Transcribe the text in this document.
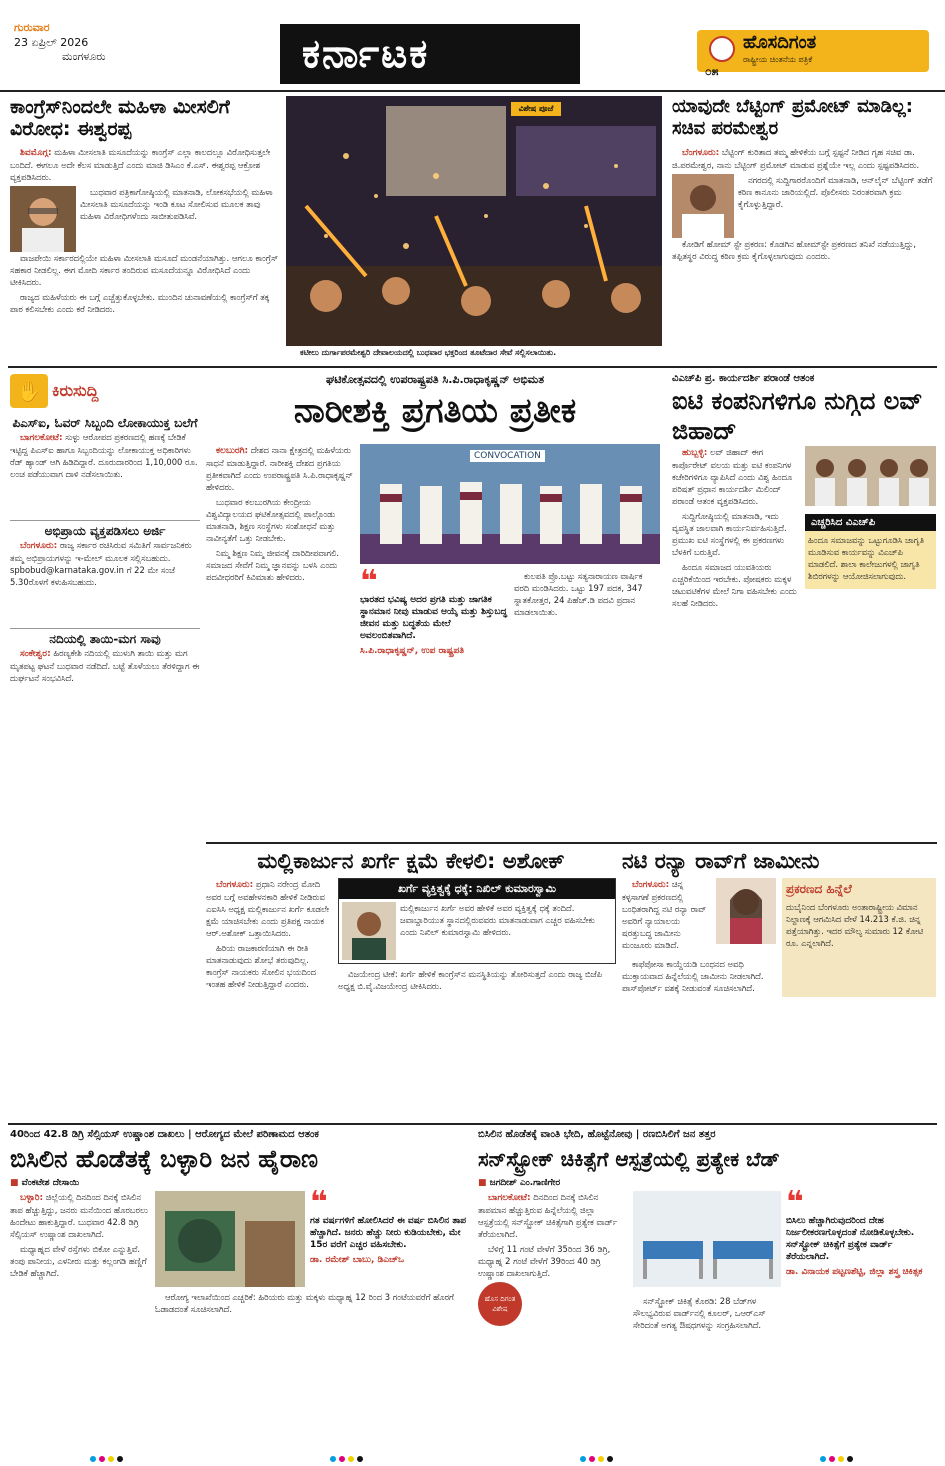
ಗುರುವಾರ
23 ಏಪ್ರಿಲ್ 2026
ಮಂಗಳೂರು	ಕರ್ನಾಟಕ	ಹೊಸದಿಗಂತ
ರಾಷ್ಟ್ರೀಯ ಚಿಂತನೆಯ ಪತ್ರಿಕೆ
೦೫
ಕಾಂಗ್ರೆಸ್‌ನಿಂದಲೇ ಮಹಿಳಾ ಮೀಸಲಿಗೆ ವಿರೋಧ: ಈಶ್ವರಪ್ಪ

ಶಿವಮೊಗ್ಗ: ಮಹಿಳಾ ಮೀಸಲಾತಿ ಮಸೂದೆಯನ್ನು ಕಾಂಗ್ರೆಸ್ ಎಲ್ಲಾ ಕಾಲದಲ್ಲೂ ವಿರೋಧಿಸುತ್ತಲೇ ಬಂದಿದೆ. ಈಗಲೂ ಅದೇ ಕೆಲಸ ಮಾಡುತ್ತಿದೆ ಎಂದು ಮಾಜಿ ಡಿಸಿಎಂ ಕೆ.ಎಸ್. ಈಶ್ವರಪ್ಪ ಆಕ್ರೋಶ ವ್ಯಕ್ತಪಡಿಸಿದರು.

ಬುಧವಾರ ಪತ್ರಿಕಾಗೋಷ್ಠಿಯಲ್ಲಿ ಮಾತನಾಡಿ, ಲೋಕಸಭೆಯಲ್ಲಿ ಮಹಿಳಾ ಮೀಸಲಾತಿ ಮಸೂದೆಯನ್ನು ಇಂಡಿ ಕೂಟ ಸೋಲಿಸುವ ಮೂಲಕ ತಾವು ಮಹಿಳಾ ವಿರೋಧಿಗಳೆಂದು ಸಾಬೀತುಪಡಿಸಿವೆ.

ವಾಜಪೇಯಿ ಸರ್ಕಾರದಲ್ಲಿಯೇ ಮಹಿಳಾ ಮೀಸಲಾತಿ ಮಸೂದೆ ಮಂಡನೆಯಾಗಿತ್ತು. ಆಗಲೂ ಕಾಂಗ್ರೆಸ್ ಸಹಕಾರ ನೀಡಲಿಲ್ಲ. ಈಗ ಮೋದಿ ಸರ್ಕಾರ ತಂದಿರುವ ಮಸೂದೆಯನ್ನೂ ವಿರೋಧಿಸಿದೆ ಎಂದು ಟೀಕಿಸಿದರು.

ರಾಜ್ಯದ ಮಹಿಳೆಯರು ಈ ಬಗ್ಗೆ ಎಚ್ಚೆತ್ತುಕೊಳ್ಳಬೇಕು. ಮುಂದಿನ ಚುನಾವಣೆಯಲ್ಲಿ ಕಾಂಗ್ರೆಸ್‌ಗೆ ತಕ್ಕ ಪಾಠ ಕಲಿಸಬೇಕು ಎಂದು ಕರೆ ನೀಡಿದರು.

ವಿಶೇಷ ಪೂಜೆ
ಕಟೀಲು ದುರ್ಗಾಪರಮೇಶ್ವರಿ ದೇವಾಲಯದಲ್ಲಿ ಬುಧವಾರ ಭಕ್ತರಿಂದ ತೂಟೆದಾರ ಸೇವೆ ಸಲ್ಲಿಸಲಾಯಿತು.
ಯಾವುದೇ ಬೆಟ್ಟಿಂಗ್ ಪ್ರಮೋಟ್ ಮಾಡಿಲ್ಲ: ಸಚಿವ ಪರಮೇಶ್ವರ

ಬೆಂಗಳೂರು: ಬೆಟ್ಟಿಂಗ್ ಕುರಿತಾದ ತಮ್ಮ ಹೇಳಿಕೆಯ ಬಗ್ಗೆ ಸ್ಪಷ್ಟನೆ ನೀಡಿದ ಗೃಹ ಸಚಿವ ಡಾ. ಜಿ.ಪರಮೇಶ್ವರ, ನಾನು ಬೆಟ್ಟಿಂಗ್ ಪ್ರಮೋಟ್ ಮಾಡುವ ಪ್ರಶ್ನೆಯೇ ಇಲ್ಲ ಎಂದು ಸ್ಪಷ್ಟಪಡಿಸಿದರು.

ನಗರದಲ್ಲಿ ಸುದ್ದಿಗಾರರೊಂದಿಗೆ ಮಾತನಾಡಿ, ಆನ್‌ಲೈನ್ ಬೆಟ್ಟಿಂಗ್ ತಡೆಗೆ ಕಠಿಣ ಕಾನೂನು ಜಾರಿಯಲ್ಲಿದೆ. ಪೊಲೀಸರು ನಿರಂತರವಾಗಿ ಕ್ರಮ ಕೈಗೊಳ್ಳುತ್ತಿದ್ದಾರೆ.

ಕೋಡಿಗೆ ಹೋಮ್ ಸ್ಟೇ ಪ್ರಕರಣ: ಕೊಡಗಿನ ಹೋಮ್‌ಸ್ಟೇ ಪ್ರಕರಣದ ತನಿಖೆ ನಡೆಯುತ್ತಿದ್ದು, ತಪ್ಪಿತಸ್ಥರ ವಿರುದ್ಧ ಕಠಿಣ ಕ್ರಮ ಕೈಗೊಳ್ಳಲಾಗುವುದು ಎಂದರು.

✋ ಕಿರುಸುದ್ದಿ
ಪಿಎಸ್‌ಐ, ಓವರ್ ಸಿಬ್ಬಂದಿ ಲೋಕಾಯುಕ್ತ ಬಲೆಗೆ

ಬಾಗಲಕೋಟೆ: ಸುಳ್ಳು ಆರೋಪದ ಪ್ರಕರಣದಲ್ಲಿ ಹಣಕ್ಕೆ ಬೇಡಿಕೆ ಇಟ್ಟಿದ್ದ ಪಿಎಸ್‌ಐ ಹಾಗೂ ಸಿಬ್ಬಂದಿಯನ್ನು ಲೋಕಾಯುಕ್ತ ಅಧಿಕಾರಿಗಳು ರೆಡ್ ಹ್ಯಾಂಡ್ ಆಗಿ ಹಿಡಿದಿದ್ದಾರೆ. ದೂರುದಾರರಿಂದ 1,10,000 ರೂ. ಲಂಚ ಪಡೆಯುವಾಗ ದಾಳಿ ನಡೆಸಲಾಯಿತು.

ಅಭಿಪ್ರಾಯ ವ್ಯಕ್ತಪಡಿಸಲು ಅರ್ಜಿ

ಬೆಂಗಳೂರು: ರಾಜ್ಯ ಸರ್ಕಾರ ರಚಿಸಿರುವ ಸಮಿತಿಗೆ ಸಾರ್ವಜನಿಕರು ತಮ್ಮ ಅಭಿಪ್ರಾಯಗಳನ್ನು ಇ-ಮೇಲ್ ಮೂಲಕ ಸಲ್ಲಿಸಬಹುದು. spbobud@karnataka.gov.in ಗೆ 22 ಮೇ ಸಂಜೆ 5.30ರೊಳಗೆ ಕಳುಹಿಸಬಹುದು.

ನದಿಯಲ್ಲಿ ತಾಯಿ-ಮಗ ಸಾವು

ಸಂಕೇಶ್ವರ: ಹಿರಣ್ಯಕೇಶಿ ನದಿಯಲ್ಲಿ ಮುಳುಗಿ ತಾಯಿ ಮತ್ತು ಮಗ ಮೃತಪಟ್ಟ ಘಟನೆ ಬುಧವಾರ ನಡೆದಿದೆ. ಬಟ್ಟೆ ತೊಳೆಯಲು ತೆರಳಿದ್ದಾಗ ಈ ದುರ್ಘಟನೆ ಸಂಭವಿಸಿದೆ.

ಘಟಿಕೋತ್ಸವದಲ್ಲಿ ಉಪರಾಷ್ಟ್ರಪತಿ ಸಿ.ಪಿ.ರಾಧಾಕೃಷ್ಣನ್ ಅಭಿಮತ
ನಾರೀಶಕ್ತಿ ಪ್ರಗತಿಯ ಪ್ರತೀಕ

ಕಲಬುರಗಿ: ದೇಶದ ನಾನಾ ಕ್ಷೇತ್ರದಲ್ಲಿ ಮಹಿಳೆಯರು ಸಾಧನೆ ಮಾಡುತ್ತಿದ್ದಾರೆ. ನಾರೀಶಕ್ತಿ ದೇಶದ ಪ್ರಗತಿಯ ಪ್ರತೀಕವಾಗಿದೆ ಎಂದು ಉಪರಾಷ್ಟ್ರಪತಿ ಸಿ.ಪಿ.ರಾಧಾಕೃಷ್ಣನ್ ಹೇಳಿದರು.

ಬುಧವಾರ ಕಲಬುರಗಿಯ ಕೇಂದ್ರೀಯ ವಿಶ್ವವಿದ್ಯಾಲಯದ ಘಟಿಕೋತ್ಸವದಲ್ಲಿ ಪಾಲ್ಗೊಂಡು ಮಾತನಾಡಿ, ಶಿಕ್ಷಣ ಸಂಸ್ಥೆಗಳು ಸಂಶೋಧನೆ ಮತ್ತು ನಾವೀನ್ಯತೆಗೆ ಒತ್ತು ನೀಡಬೇಕು.

ನಿಮ್ಮ ಶಿಕ್ಷಣ ನಿಮ್ಮ ಜೀವನಕ್ಕೆ ದಾರಿದೀಪವಾಗಲಿ. ಸಮಾಜದ ಸೇವೆಗೆ ನಿಮ್ಮ ಜ್ಞಾನವನ್ನು ಬಳಸಿ ಎಂದು ಪದವೀಧರರಿಗೆ ಕಿವಿಮಾತು ಹೇಳಿದರು.

CONVOCATION
❝
ಭಾರತದ ಭವಿಷ್ಯ ಅದರ ಪ್ರಗತಿ ಮತ್ತು ಜಾಗತಿಕ ಸ್ಥಾನಮಾನ ನೀವು ಮಾಡುವ ಆಯ್ಕೆ ಮತ್ತು ಶಿಸ್ತುಬದ್ಧ ಜೀವನ ಮತ್ತು ಬದ್ಧತೆಯ ಮೇಲೆ ಅವಲಂಬಿತವಾಗಿದೆ.
ಸಿ.ಪಿ.ರಾಧಾಕೃಷ್ಣನ್, ಉಪ ರಾಷ್ಟ್ರಪತಿ

ಕುಲಪತಿ ಪ್ರೊ.ಬಟ್ಟು ಸತ್ಯನಾರಾಯಣ ವಾರ್ಷಿಕ ವರದಿ ಮಂಡಿಸಿದರು. ಒಟ್ಟು 197 ಪದಕ, 347 ಸ್ನಾತಕೋತ್ತರ, 24 ಪಿಹೆಚ್.ಡಿ ಪದವಿ ಪ್ರದಾನ ಮಾಡಲಾಯಿತು.

ವಿಎಚ್‌ಪಿ ಪ್ರ. ಕಾರ್ಯದರ್ಶಿ ಪರಾಂಡೆ ಆತಂಕ
ಐಟಿ ಕಂಪನಿಗಳಿಗೂ ನುಗ್ಗಿದ ಲವ್ ಜಿಹಾದ್

ಹುಬ್ಬಳ್ಳಿ: ಲವ್ ಜಿಹಾದ್ ಈಗ ಕಾರ್ಪೊರೇಟ್ ವಲಯ ಮತ್ತು ಐಟಿ ಕಂಪನಿಗಳ ಕಚೇರಿಗಳಿಗೂ ವ್ಯಾಪಿಸಿದೆ ಎಂದು ವಿಶ್ವ ಹಿಂದೂ ಪರಿಷತ್ ಪ್ರಧಾನ ಕಾರ್ಯದರ್ಶಿ ಮಿಲಿಂದ್ ಪರಾಂಡೆ ಆತಂಕ ವ್ಯಕ್ತಪಡಿಸಿದರು.

ಸುದ್ದಿಗೋಷ್ಠಿಯಲ್ಲಿ ಮಾತನಾಡಿ, ಇದು ವ್ಯವಸ್ಥಿತ ಜಾಲವಾಗಿ ಕಾರ್ಯನಿರ್ವಹಿಸುತ್ತಿದೆ. ಪ್ರಮುಖ ಐಟಿ ಸಂಸ್ಥೆಗಳಲ್ಲಿ ಈ ಪ್ರಕರಣಗಳು ಬೆಳಕಿಗೆ ಬರುತ್ತಿವೆ.

ಹಿಂದೂ ಸಮಾಜದ ಯುವತಿಯರು ಎಚ್ಚರಿಕೆಯಿಂದ ಇರಬೇಕು. ಪೋಷಕರು ಮಕ್ಕಳ ಚಟುವಟಿಕೆಗಳ ಮೇಲೆ ನಿಗಾ ವಹಿಸಬೇಕು ಎಂದು ಸಲಹೆ ನೀಡಿದರು.

ಎಚ್ಚರಿಸಿದ ವಿಎಚ್‌ಪಿ
ಹಿಂದೂ ಸಮಾಜವನ್ನು ಒಟ್ಟುಗೂಡಿಸಿ ಜಾಗೃತಿ ಮೂಡಿಸುವ ಕಾರ್ಯವನ್ನು ವಿಎಚ್‌ಪಿ ಮಾಡಲಿದೆ. ಶಾಲಾ ಕಾಲೇಜುಗಳಲ್ಲಿ ಜಾಗೃತಿ ಶಿಬಿರಗಳನ್ನು ಆಯೋಜಿಸಲಾಗುವುದು.
ಮಲ್ಲಿಕಾರ್ಜುನ ಖರ್ಗೆ ಕ್ಷಮೆ ಕೇಳಲಿ: ಅಶೋಕ್

ಬೆಂಗಳೂರು: ಪ್ರಧಾನಿ ನರೇಂದ್ರ ಮೋದಿ ಅವರ ಬಗ್ಗೆ ಅವಹೇಳನಕಾರಿ ಹೇಳಿಕೆ ನೀಡಿರುವ ಎಐಸಿಸಿ ಅಧ್ಯಕ್ಷ ಮಲ್ಲಿಕಾರ್ಜುನ ಖರ್ಗೆ ಕೂಡಲೇ ಕ್ಷಮೆ ಯಾಚಿಸಬೇಕು ಎಂದು ಪ್ರತಿಪಕ್ಷ ನಾಯಕ ಆರ್.ಅಶೋಕ್ ಒತ್ತಾಯಿಸಿದರು.

ಹಿರಿಯ ರಾಜಕಾರಣಿಯಾಗಿ ಈ ರೀತಿ ಮಾತನಾಡುವುದು ಶೋಭೆ ತರುವುದಿಲ್ಲ. ಕಾಂಗ್ರೆಸ್ ನಾಯಕರು ಸೋಲಿನ ಭಯದಿಂದ ಇಂತಹ ಹೇಳಿಕೆ ನೀಡುತ್ತಿದ್ದಾರೆ ಎಂದರು.

ಖರ್ಗೆ ವ್ಯಕ್ತಿತ್ವಕ್ಕೆ ಧಕ್ಕೆ: ನಿಖಿಲ್ ಕುಮಾರಸ್ವಾಮಿ
ಮಲ್ಲಿಕಾರ್ಜುನ ಖರ್ಗೆ ಅವರ ಹೇಳಿಕೆ ಅವರ ವ್ಯಕ್ತಿತ್ವಕ್ಕೆ ಧಕ್ಕೆ ತಂದಿದೆ. ಜವಾಬ್ದಾರಿಯುತ ಸ್ಥಾನದಲ್ಲಿರುವವರು ಮಾತನಾಡುವಾಗ ಎಚ್ಚರ ವಹಿಸಬೇಕು ಎಂದು ನಿಖಿಲ್ ಕುಮಾರಸ್ವಾಮಿ ಹೇಳಿದರು.

ವಿಜಯೇಂದ್ರ ಟೀಕೆ: ಖರ್ಗೆ ಹೇಳಿಕೆ ಕಾಂಗ್ರೆಸ್‌ನ ಮನಸ್ಥಿತಿಯನ್ನು ತೋರಿಸುತ್ತದೆ ಎಂದು ರಾಜ್ಯ ಬಿಜೆಪಿ ಅಧ್ಯಕ್ಷ ಬಿ.ವೈ.ವಿಜಯೇಂದ್ರ ಟೀಕಿಸಿದರು.

ನಟಿ ರನ್ಯಾ ರಾವ್‌ಗೆ ಜಾಮೀನು

ಬೆಂಗಳೂರು: ಚಿನ್ನ ಕಳ್ಳಸಾಗಣೆ ಪ್ರಕರಣದಲ್ಲಿ ಬಂಧಿತರಾಗಿದ್ದ ನಟಿ ರನ್ಯಾ ರಾವ್ ಅವರಿಗೆ ನ್ಯಾಯಾಲಯ ಷರತ್ತುಬದ್ಧ ಜಾಮೀನು ಮಂಜೂರು ಮಾಡಿದೆ.

ಕಾಫೆಪೋಸಾ ಕಾಯ್ದೆಯಡಿ ಬಂಧನದ ಅವಧಿ ಮುಕ್ತಾಯವಾದ ಹಿನ್ನೆಲೆಯಲ್ಲಿ ಜಾಮೀನು ನೀಡಲಾಗಿದೆ. ಪಾಸ್‌ಪೋರ್ಟ್ ವಶಕ್ಕೆ ನೀಡುವಂತೆ ಸೂಚಿಸಲಾಗಿದೆ.

ಪ್ರಕರಣದ ಹಿನ್ನೆಲೆ
ದುಬೈನಿಂದ ಬೆಂಗಳೂರು ಅಂತಾರಾಷ್ಟ್ರೀಯ ವಿಮಾನ ನಿಲ್ದಾಣಕ್ಕೆ ಆಗಮಿಸಿದ ವೇಳೆ 14.213 ಕೆ.ಜಿ. ಚಿನ್ನ ಪತ್ತೆಯಾಗಿತ್ತು. ಇದರ ಮೌಲ್ಯ ಸುಮಾರು 12 ಕೋಟಿ ರೂ. ಎನ್ನಲಾಗಿದೆ.
40ರಿಂದ 42.8 ಡಿಗ್ರಿ ಸೆಲ್ಸಿಯಸ್ ಉಷ್ಣಾಂಶ ದಾಖಲು | ಆರೋಗ್ಯದ ಮೇಲೆ ಪರಿಣಾಮದ ಆತಂಕ
ಬಿಸಿಲಿನ ಹೊಡೆತಕ್ಕೆ ಬಳ್ಳಾರಿ ಜನ ಹೈರಾಣ
■ ವೆಂಕಟೇಶ ದೇಸಾಯಿ

ಬಳ್ಳಾರಿ: ಜಿಲ್ಲೆಯಲ್ಲಿ ದಿನದಿಂದ ದಿನಕ್ಕೆ ಬಿಸಿಲಿನ ತಾಪ ಹೆಚ್ಚುತ್ತಿದ್ದು, ಜನರು ಮನೆಯಿಂದ ಹೊರಬರಲು ಹಿಂದೇಟು ಹಾಕುತ್ತಿದ್ದಾರೆ. ಬುಧವಾರ 42.8 ಡಿಗ್ರಿ ಸೆಲ್ಸಿಯಸ್ ಉಷ್ಣಾಂಶ ದಾಖಲಾಗಿದೆ.

ಮಧ್ಯಾಹ್ನದ ವೇಳೆ ರಸ್ತೆಗಳು ಬಿಕೋ ಎನ್ನುತ್ತಿವೆ. ತಂಪು ಪಾನೀಯ, ಎಳನೀರು ಮತ್ತು ಕಲ್ಲಂಗಡಿ ಹಣ್ಣಿಗೆ ಬೇಡಿಕೆ ಹೆಚ್ಚಾಗಿದೆ.

❝
ಗತ ವರ್ಷಗಳಿಗೆ ಹೋಲಿಸಿದರೆ ಈ ವರ್ಷ ಬಿಸಿಲಿನ ತಾಪ ಹೆಚ್ಚಾಗಿದೆ. ಜನರು ಹೆಚ್ಚು ನೀರು ಕುಡಿಯಬೇಕು, ಮೇ 15ರ ವರೆಗೆ ಎಚ್ಚರ ವಹಿಸಬೇಕು.
ಡಾ. ರಮೇಶ್ ಬಾಬು, ಡಿಎಚ್‌ಒ

ಆರೋಗ್ಯ ಇಲಾಖೆಯಿಂದ ಎಚ್ಚರಿಕೆ: ಹಿರಿಯರು ಮತ್ತು ಮಕ್ಕಳು ಮಧ್ಯಾಹ್ನ 12 ರಿಂದ 3 ಗಂಟೆಯವರೆಗೆ ಹೊರಗೆ ಓಡಾಡದಂತೆ ಸೂಚಿಸಲಾಗಿದೆ.

ಬಿಸಿಲಿನ ಹೊಡೆತಕ್ಕೆ ವಾಂತಿ ಭೇದಿ, ಹೊಟ್ಟೆನೋವು | ರಣಬಿಸಿಲಿಗೆ ಜನ ತತ್ತರ
ಸನ್‌ಸ್ಟ್ರೋಕ್ ಚಿಕಿತ್ಸೆಗೆ ಆಸ್ಪತ್ರೆಯಲ್ಲಿ ಪ್ರತ್ಯೇಕ ಬೆಡ್
■ ಜಗದೀಶ್ ಎಂ.ಗಾಣಿಗೇರ

ಬಾಗಲಕೋಟೆ: ದಿನದಿಂದ ದಿನಕ್ಕೆ ಬಿಸಿಲಿನ ತಾಪಮಾನ ಹೆಚ್ಚುತ್ತಿರುವ ಹಿನ್ನೆಲೆಯಲ್ಲಿ ಜಿಲ್ಲಾ ಆಸ್ಪತ್ರೆಯಲ್ಲಿ ಸನ್‌ಸ್ಟ್ರೋಕ್ ಚಿಕಿತ್ಸೆಗಾಗಿ ಪ್ರತ್ಯೇಕ ವಾರ್ಡ್ ತೆರೆಯಲಾಗಿದೆ.

ಬೆಳಿಗ್ಗೆ 11 ಗಂಟೆ ವೇಳೆಗೆ 35ರಿಂದ 36 ಡಿಗ್ರಿ, ಮಧ್ಯಾಹ್ನ 2 ಗಂಟೆ ವೇಳೆಗೆ 39ರಿಂದ 40 ಡಿಗ್ರಿ ಉಷ್ಣಾಂಶ ದಾಖಲಾಗುತ್ತಿದೆ.

ಹೊಸ ದಿಗಂತ ವಿಶೇಷ

ಸನ್‌ಸ್ಟ್ರೋಕ್ ಚಿಕಿತ್ಸೆ ಕೊಠಡಿ: 28 ಬೆಡ್‌ಗಳ ಸೌಲಭ್ಯವಿರುವ ವಾರ್ಡ್‌ನಲ್ಲಿ ಕೂಲರ್, ಒಆರ್‌ಎಸ್ ಸೇರಿದಂತೆ ಅಗತ್ಯ ಔಷಧಗಳನ್ನು ಸಂಗ್ರಹಿಸಲಾಗಿದೆ.

❝
ಬಿಸಿಲು ಹೆಚ್ಚಾಗಿರುವುದರಿಂದ ದೇಹ ನಿರ್ಜಲೀಕರಣಗೊಳ್ಳದಂತೆ ನೋಡಿಕೊಳ್ಳಬೇಕು. ಸನ್‌ಸ್ಟ್ರೋಕ್ ಚಿಕಿತ್ಸೆಗೆ ಪ್ರತ್ಯೇಕ ವಾರ್ಡ್ ತೆರೆಯಲಾಗಿದೆ.
ಡಾ. ವಿನಾಯಕ ಪಟ್ಟಣಶೆಟ್ಟಿ, ಜಿಲ್ಲಾ ಶಸ್ತ್ರ ಚಿಕಿತ್ಸಕ
